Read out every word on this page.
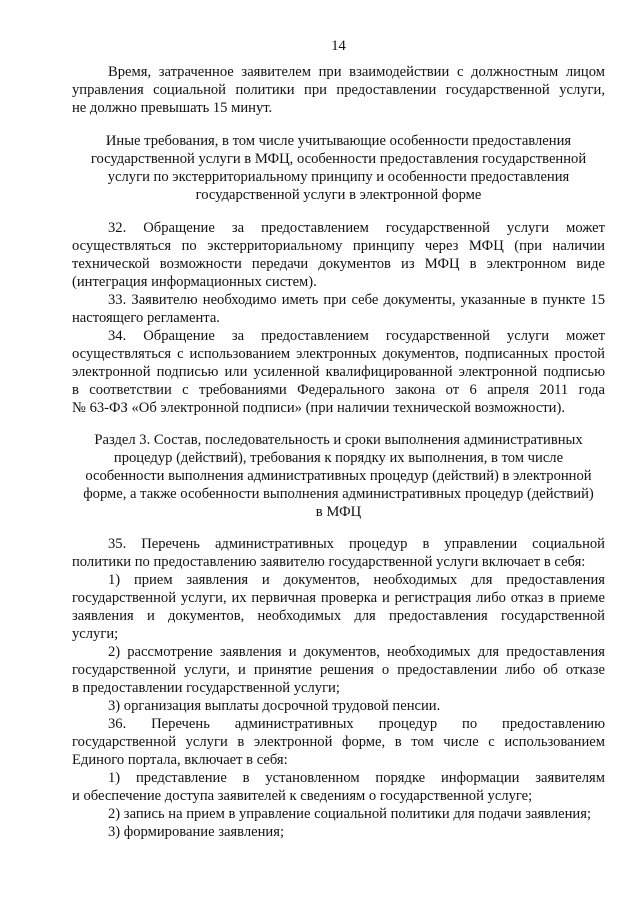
14
Время, затраченное заявителем при взаимодействии с должностным лицом
управления социальной политики при предоставлении государственной услуги,
не должно превышать 15 минут.
Иные требования, в том числе учитывающие особенности предоставления
государственной услуги в МФЦ, особенности предоставления государственной
услуги по экстерриториальному принципу и особенности предоставления
государственной услуги в электронной форме
32. Обращение за предоставлением государственной услуги может
осуществляться по экстерриториальному принципу через МФЦ (при наличии
технической возможности передачи документов из МФЦ в электронном виде
(интеграция информационных систем).
33. Заявителю необходимо иметь при себе документы, указанные в пункте 15
настоящего регламента.
34. Обращение за предоставлением государственной услуги может
осуществляться с использованием электронных документов, подписанных простой
электронной подписью или усиленной квалифицированной электронной подписью
в соответствии с требованиями Федерального закона от 6 апреля 2011 года
№ 63-ФЗ «Об электронной подписи» (при наличии технической возможности).
Раздел 3. Состав, последовательность и сроки выполнения административных
процедур (действий), требования к порядку их выполнения, в том числе
особенности выполнения административных процедур (действий) в электронной
форме, а также особенности выполнения административных процедур (действий)
в МФЦ
35. Перечень административных процедур в управлении социальной
политики по предоставлению заявителю государственной услуги включает в себя:
1) прием заявления и документов, необходимых для предоставления
государственной услуги, их первичная проверка и регистрация либо отказ в приеме
заявления и документов, необходимых для предоставления государственной
услуги;
2) рассмотрение заявления и документов, необходимых для предоставления
государственной услуги, и принятие решения о предоставлении либо об отказе
в предоставлении государственной услуги;
3) организация выплаты досрочной трудовой пенсии.
36. Перечень административных процедур по предоставлению
государственной услуги в электронной форме, в том числе с использованием
Единого портала, включает в себя:
1) представление в установленном порядке информации заявителям
и обеспечение доступа заявителей к сведениям о государственной услуге;
2) запись на прием в управление социальной политики для подачи заявления;
3) формирование заявления;
